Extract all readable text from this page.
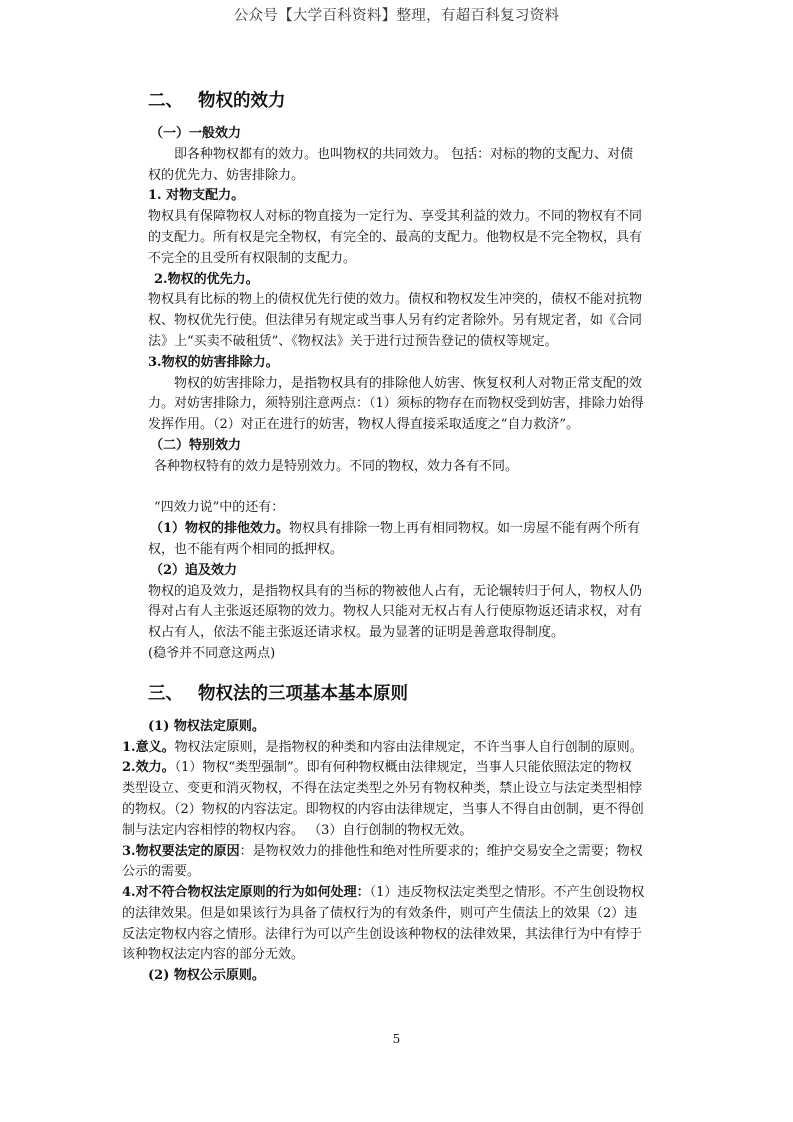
公众号【大学百科资料】整理，有超百科复习资料
二、 物权的效力

（一）一般效力

即各种物权都有的效力。也叫物权的共同效力。 包括：对标的物的支配力、对债

权的优先力、妨害排除力。

1. 对物支配力。

物权具有保障物权人对标的物直接为一定行为、享受其利益的效力。不同的物权有不同

的支配力。所有权是完全物权，有完全的、最高的支配力。他物权是不完全物权，具有

不完全的且受所有权限制的支配力。

2.物权的优先力。

物权具有比标的物上的债权优先行使的效力。债权和物权发生冲突的，债权不能对抗物

权、物权优先行使。但法律另有规定或当事人另有约定者除外。另有规定者，如《合同

法》上“买卖不破租赁”、《物权法》关于进行过预告登记的债权等规定。

3.物权的妨害排除力。

物权的妨害排除力，是指物权具有的排除他人妨害、恢复权利人对物正常支配的效

力。对妨害排除力，须特别注意两点：（1）须标的物存在而物权受到妨害，排除力始得

发挥作用。（2）对正在进行的妨害，物权人得直接采取适度之“自力救济”。

（二）特别效力

各种物权特有的效力是特别效力。不同的物权，效力各有不同。

“四效力说”中的还有：

（1）物权的排他效力。物权具有排除一物上再有相同物权。如一房屋不能有两个所有

权，也不能有两个相同的抵押权。

（2）追及效力

物权的追及效力，是指物权具有的当标的物被他人占有，无论辗转归于何人，物权人仍

得对占有人主张返还原物的效力。物权人只能对无权占有人行使原物返还请求权，对有

权占有人，依法不能主张返还请求权。最为显著的证明是善意取得制度。

(稳爷并不同意这两点)

三、 物权法的三项基本基本原则

(1) 物权法定原则。

1.意义。物权法定原则，是指物权的种类和内容由法律规定，不许当事人自行创制的原则。

2.效力。（1）物权“类型强制”。即有何种物权概由法律规定，当事人只能依照法定的物权

类型设立、变更和消灭物权，不得在法定类型之外另有物权种类，禁止设立与法定类型相悖

的物权。（2）物权的内容法定。即物权的内容由法律规定，当事人不得自由创制，更不得创

制与法定内容相悖的物权内容。 （3）自行创制的物权无效。

3.物权要法定的原因：是物权效力的排他性和绝对性所要求的；维护交易安全之需要；物权

公示的需要。

4.对不符合物权法定原则的行为如何处理：（1）违反物权法定类型之情形。不产生创设物权

的法律效果。但是如果该行为具备了债权行为的有效条件，则可产生债法上的效果（2）违

反法定物权内容之情形。法律行为可以产生创设该种物权的法律效果，其法律行为中有悖于

该种物权法定内容的部分无效。

(2) 物权公示原则。

5
